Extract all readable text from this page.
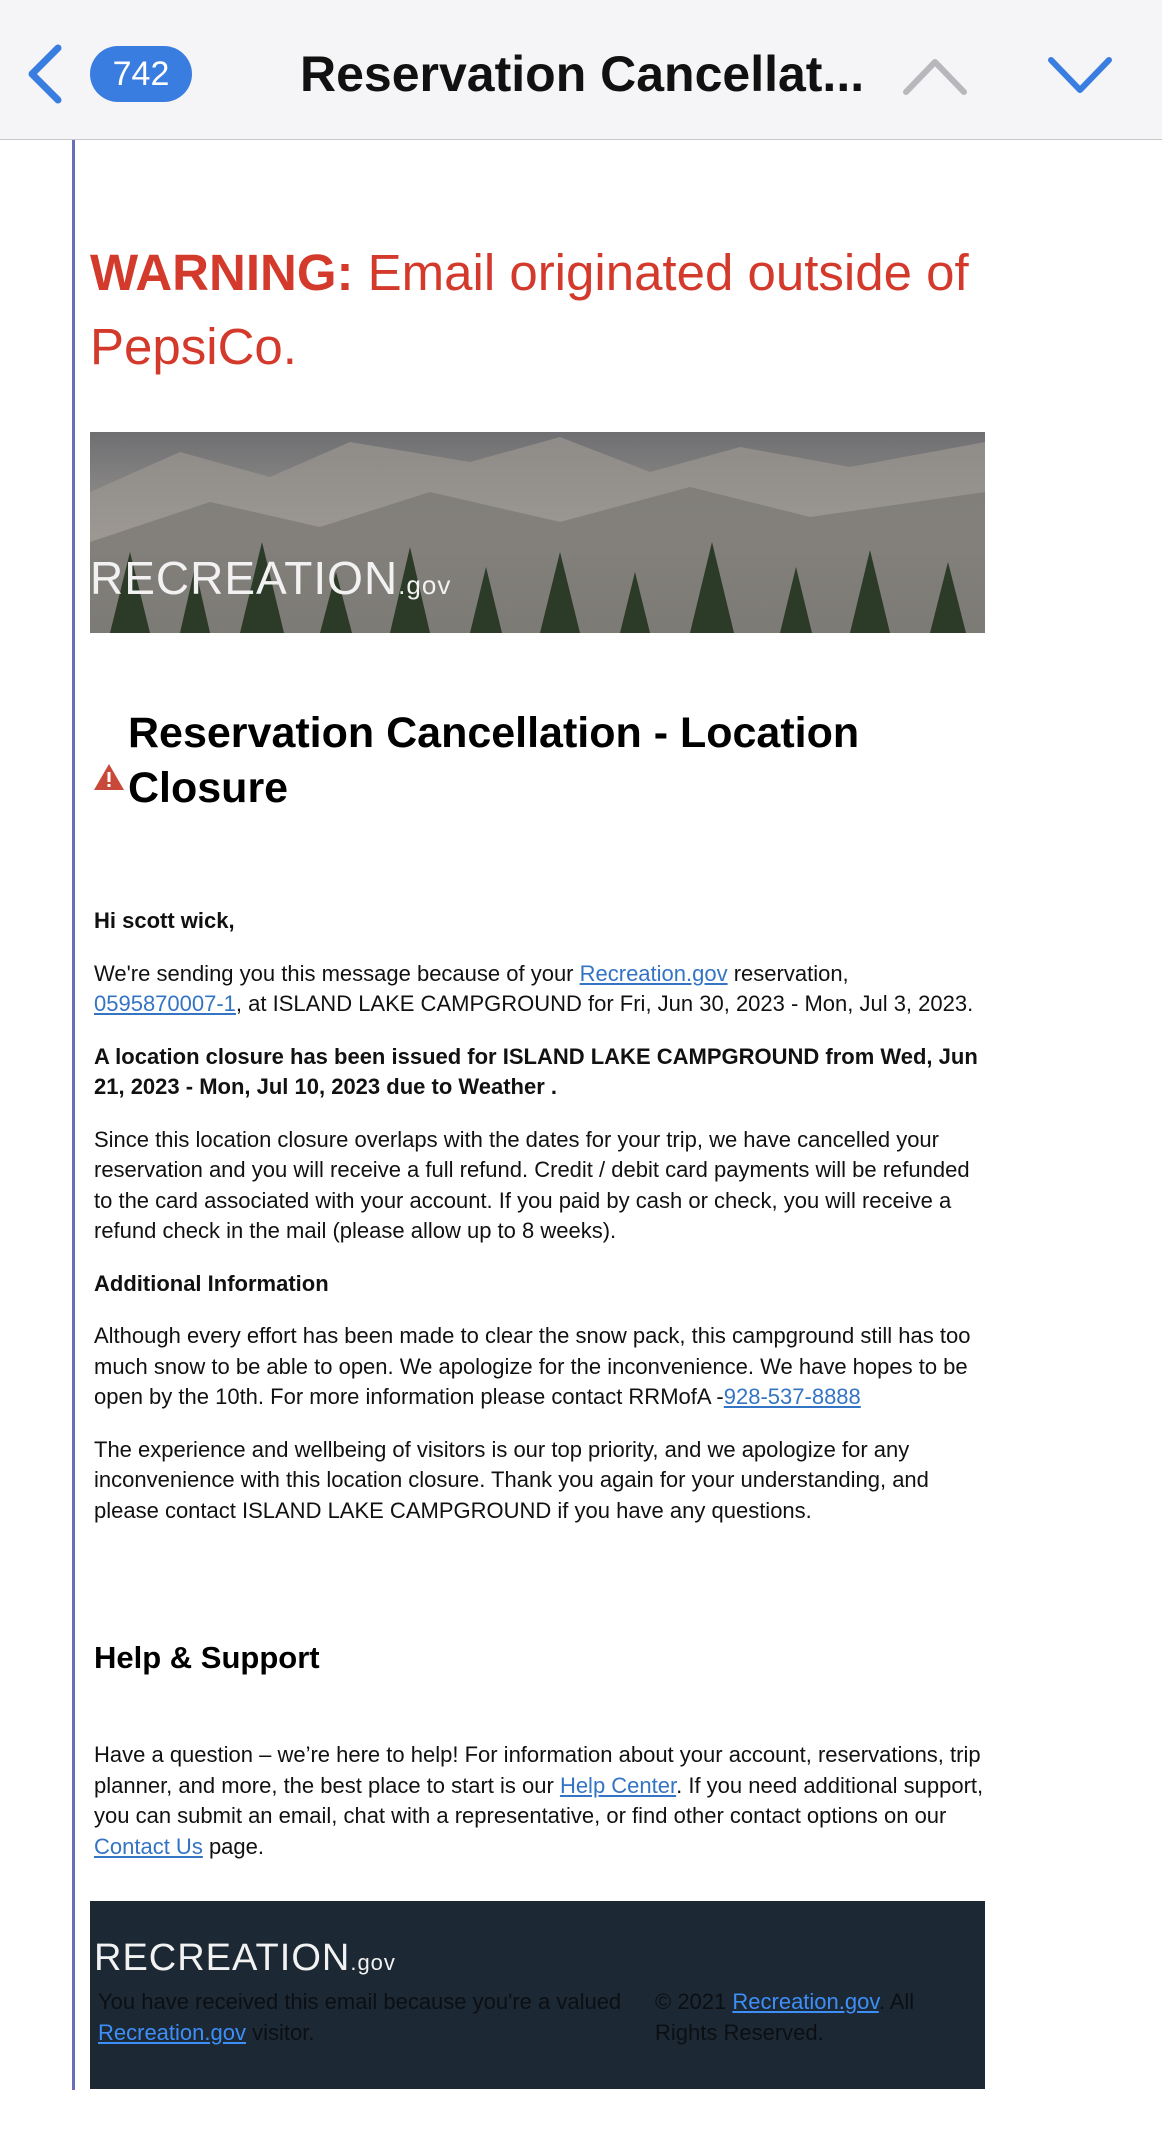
742	Reservation Cancellat...
WARNING: Email originated outside of PepsiCo.
RECREATION.gov
Reservation Cancellation - Location Closure

Hi scott wick,

We're sending you this message because of your Recreation.gov reservation, 0595870007-1, at ISLAND LAKE CAMPGROUND for Fri, Jun 30, 2023 - Mon, Jul 3, 2023.

A location closure has been issued for ISLAND LAKE CAMPGROUND from Wed, Jun 21, 2023 - Mon, Jul 10, 2023 due to Weather .

Since this location closure overlaps with the dates for your trip, we have cancelled your reservation and you will receive a full refund. Credit / debit card payments will be refunded to the card associated with your account. If you paid by cash or check, you will receive a refund check in the mail (please allow up to 8 weeks).

Additional Information

Although every effort has been made to clear the snow pack, this campground still has too much snow to be able to open. We apologize for the inconvenience. We have hopes to be open by the 10th. For more information please contact RRMofA -928-537-8888

The experience and wellbeing of visitors is our top priority, and we apologize for any inconvenience with this location closure. Thank you again for your understanding, and please contact ISLAND LAKE CAMPGROUND if you have any questions.

Help & Support
Have a question – we’re here to help! For information about your account, reservations, trip planner, and more, the best place to start is our Help Center. If you need additional support, you can submit an email, chat with a representative, or find other contact options on our Contact Us page.
RECREATION.gov
You have received this email because you're a valued Recreation.gov visitor.
© 2021 Recreation.gov. All Rights Reserved.
